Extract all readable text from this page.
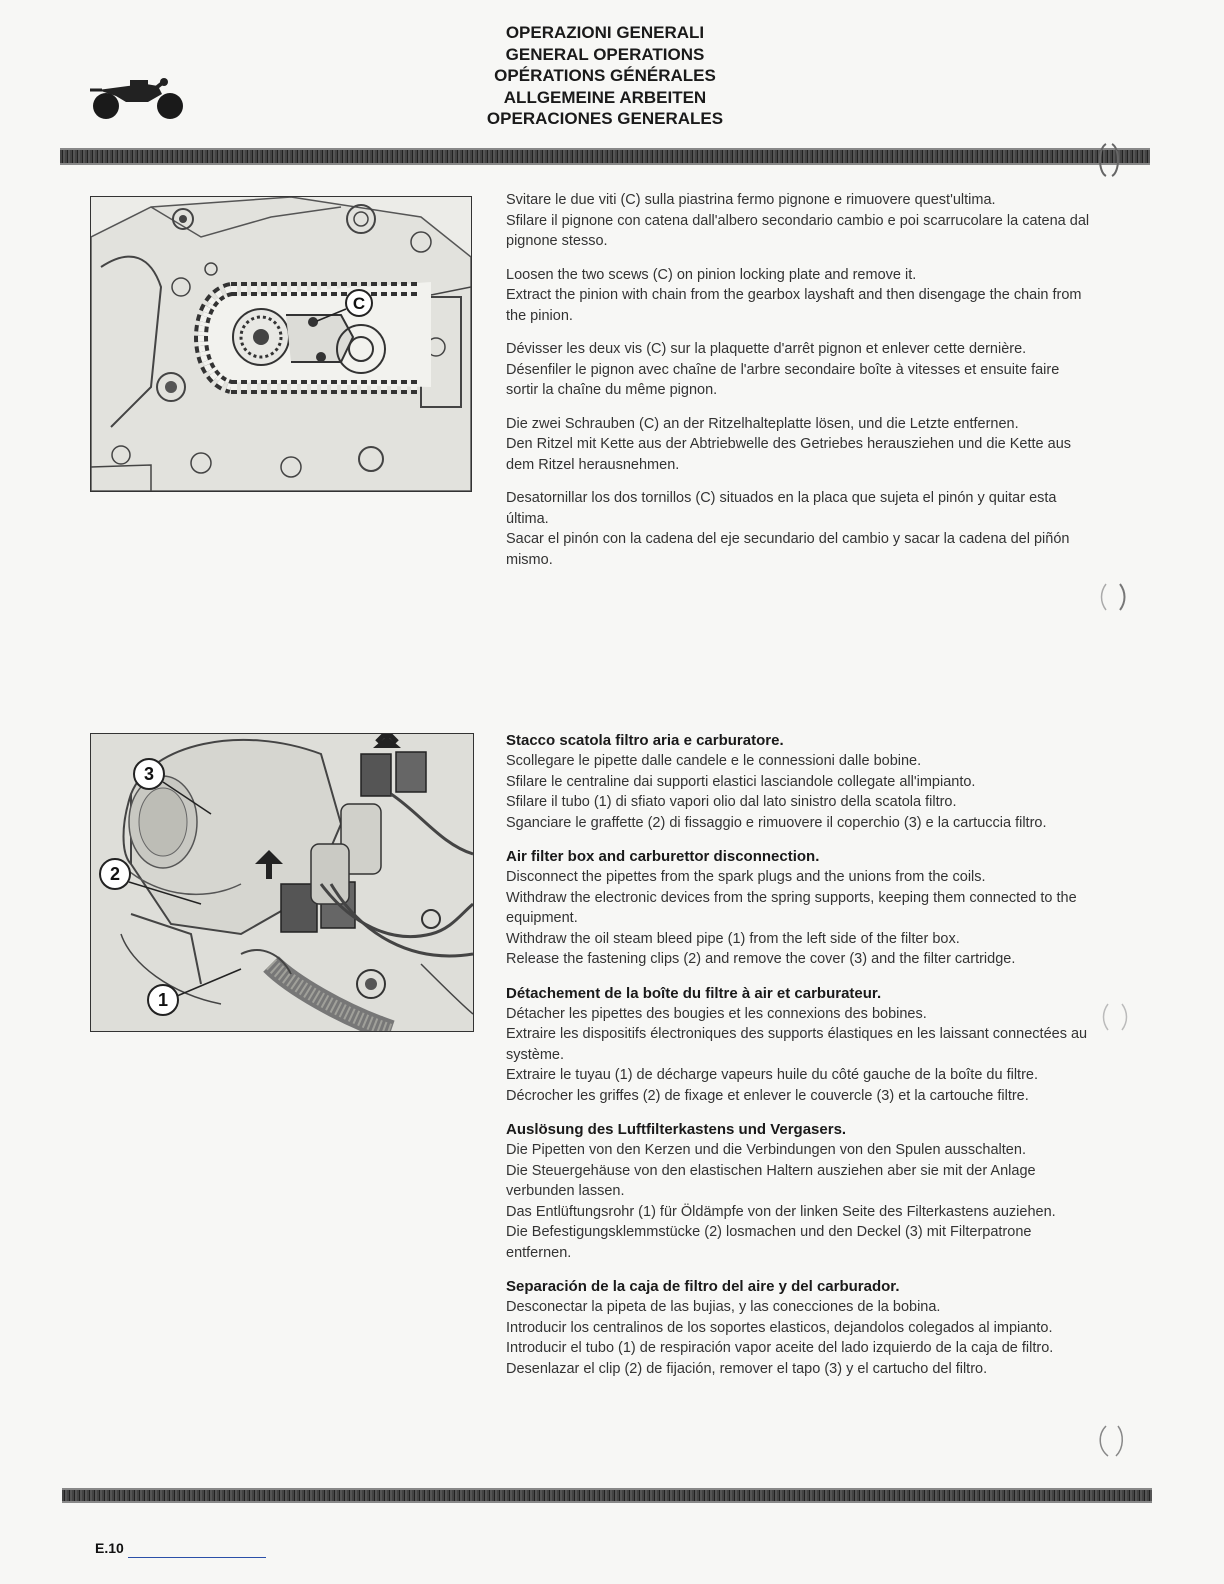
OPERAZIONI GENERALI
GENERAL OPERATIONS
OPÉRATIONS GÉNÉRALES
ALLGEMEINE ARBEITEN
OPERACIONES GENERALES
C

Svitare le due viti (C) sulla piastrina fermo pignone e rimuovere quest'ultima.

Sfilare il pignone con catena dall'albero secondario cambio e poi scarrucolare la catena dal pignone stesso.

Loosen the two scews (C) on pinion locking plate and remove it.

Extract the pinion with chain from the gearbox layshaft and then disengage the chain from the pinion.

Dévisser les deux vis (C) sur la plaquette d'arrêt pignon et enlever cette dernière.

Désenfiler le pignon avec chaîne de l'arbre secondaire boîte à vitesses et ensuite faire sortir la chaîne du même pignon.

Die zwei Schrauben (C) an der Ritzelhalteplatte lösen, und die Letzte entfernen.

Den Ritzel mit Kette aus der Abtriebwelle des Getriebes herausziehen und die Kette aus dem Ritzel herausnehmen.

Desatornillar los dos tornillos (C) situados en la placa que sujeta el pinón y quitar esta última.

Sacar el pinón con la cadena del eje secundario del cambio y sacar la cadena del piñón mismo.

3
2
1
Stacco scatola filtro aria e carburatore.

Scollegare le pipette dalle candele e le connessioni dalle bobine.

Sfilare le centraline dai supporti elastici lasciandole collegate all'impianto.

Sfilare il tubo (1) di sfiato vapori olio dal lato sinistro della scatola filtro.

Sganciare le graffette (2) di fissaggio e rimuovere il coperchio (3) e la cartuccia filtro.

Air filter box and carburettor disconnection.

Disconnect the pipettes from the spark plugs and the unions from the coils.

Withdraw the electronic devices from the spring supports, keeping them connected to the equipment.

Withdraw the oil steam bleed pipe (1) from the left side of the filter box.

Release the fastening clips (2) and remove the cover (3) and the filter cartridge.

Détachement de la boîte du filtre à air et carburateur.

Détacher les pipettes des bougies et les connexions des bobines.

Extraire les dispositifs électroniques des supports élastiques en les laissant connectées au système.

Extraire le tuyau (1) de décharge vapeurs huile du côté gauche de la boîte du filtre.

Décrocher les griffes (2) de fixage et enlever le couvercle (3) et la cartouche filtre.

Auslösung des Luftfilterkastens und Vergasers.

Die Pipetten von den Kerzen und die Verbindungen von den Spulen ausschalten.

Die Steuergehäuse von den elastischen Haltern ausziehen aber sie mit der Anlage verbunden lassen.

Das Entlüftungsrohr (1) für Öldämpfe von der linken Seite des Filterkastens auziehen.

Die Befestigungsklemmstücke (2) losmachen und den Deckel (3) mit Filterpatrone entfernen.

Separación de la caja de filtro del aire y del carburador.

Desconectar la pipeta de las bujias, y las conecciones de la bobina.

Introducir los centralinos de los soportes elasticos, dejandolos colegados al impianto.

Introducir el tubo (1) de respiración vapor aceite del lado izquierdo de la caja de filtro.

Desenlazar el clip (2) de fijación, remover el tapo (3) y el cartucho del filtro.

E.10
